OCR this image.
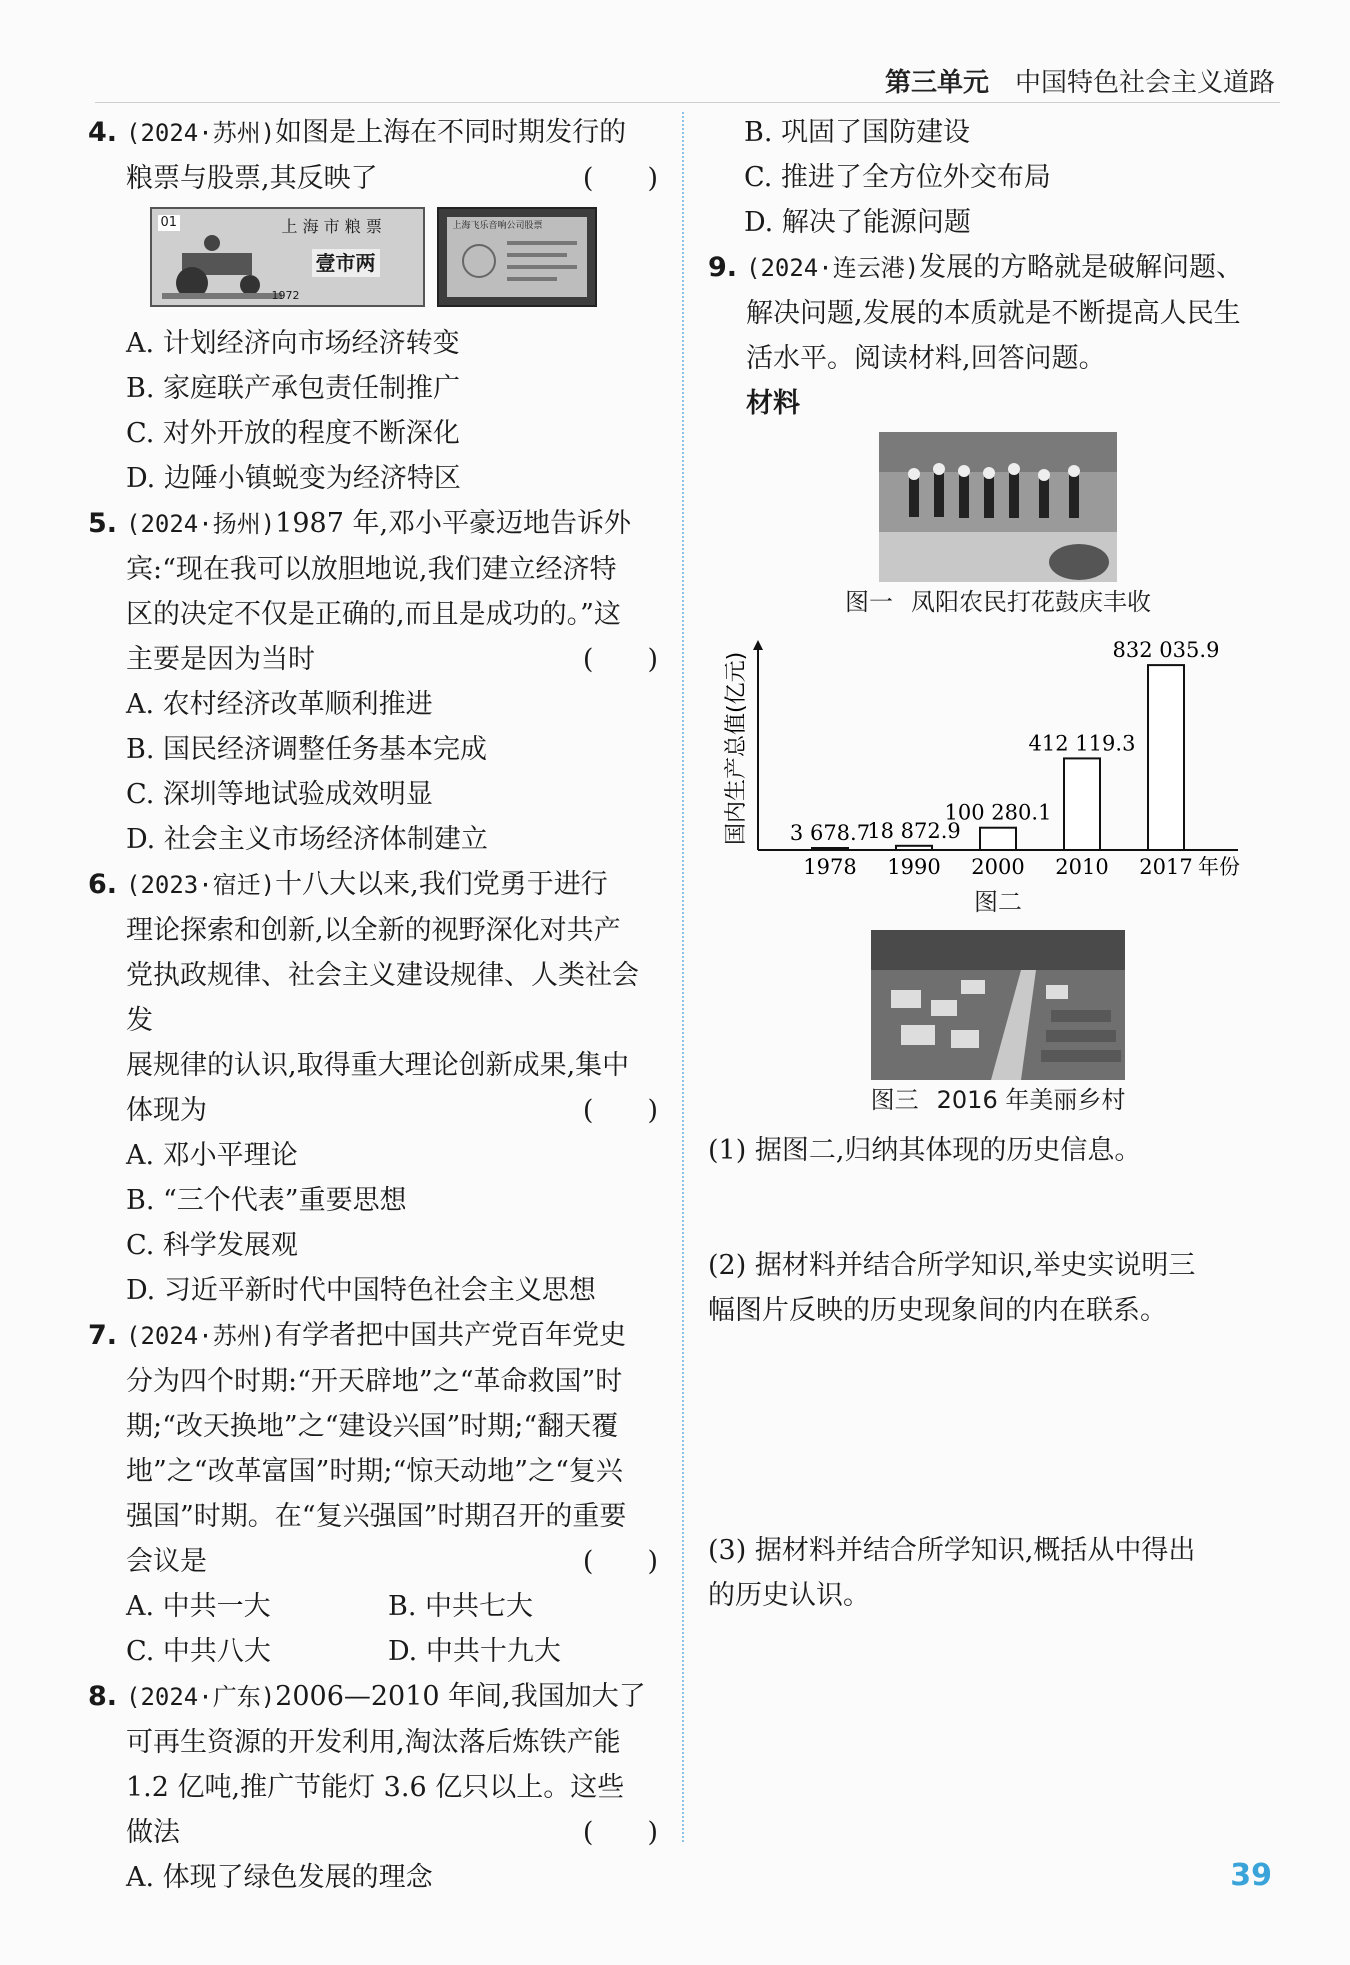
第三单元 中国特色社会主义道路
4. (2024·苏州)如图是上海在不同时期发行的
粮票与股票,其反映了	(　　)
01	上 海 市 粮 票
壹市两
1972
上海飞乐音响公司股票
A. 计划经济向市场经济转变
B. 家庭联产承包责任制推广
C. 对外开放的程度不断深化
D. 边陲小镇蜕变为经济特区
5. (2024·扬州)1987 年,邓小平豪迈地告诉外
宾:“现在我可以放胆地说,我们建立经济特
区的决定不仅是正确的,而且是成功的。”这
主要是因为当时	(　　)
A. 农村经济改革顺利推进
B. 国民经济调整任务基本完成
C. 深圳等地试验成效明显
D. 社会主义市场经济体制建立
6. (2023·宿迁)十八大以来,我们党勇于进行
理论探索和创新,以全新的视野深化对共产
党执政规律、社会主义建设规律、人类社会发
展规律的认识,取得重大理论创新成果,集中
体现为	(　　)
A. 邓小平理论
B. “三个代表”重要思想
C. 科学发展观
D. 习近平新时代中国特色社会主义思想
7. (2024·苏州)有学者把中国共产党百年党史
分为四个时期:“开天辟地”之“革命救国”时
期;“改天换地”之“建设兴国”时期;“翻天覆
地”之“改革富国”时期;“惊天动地”之“复兴
强国”时期。在“复兴强国”时期召开的重要
会议是	(　　)
A. 中共一大	B. 中共七大
C. 中共八大	D. 中共十九大
8. (2024·广东)2006—2010 年间,我国加大了
可再生资源的开发利用,淘汰落后炼铁产能
1.2 亿吨,推广节能灯 3.6 亿只以上。这些
做法	(　　)
A. 体现了绿色发展的理念
B. 巩固了国防建设
C. 推进了全方位外交布局
D. 解决了能源问题
9. (2024·连云港)发展的方略就是破解问题、
解决问题,发展的本质就是不断提高人民生
活水平。阅读材料,回答问题。
材料
图一 凤阳农民打花鼓庆丰收
国内生产总值(亿元) 3 678.7
1978
18 872.9
1990
100 280.1
2000
412 119.3
2010
832 035.9
2017 年份
图二
图三 2016 年美丽乡村
(1) 据图二,归纳其体现的历史信息。
(2) 据材料并结合所学知识,举史实说明三
幅图片反映的历史现象间的内在联系。
(3) 据材料并结合所学知识,概括从中得出
的历史认识。
39
